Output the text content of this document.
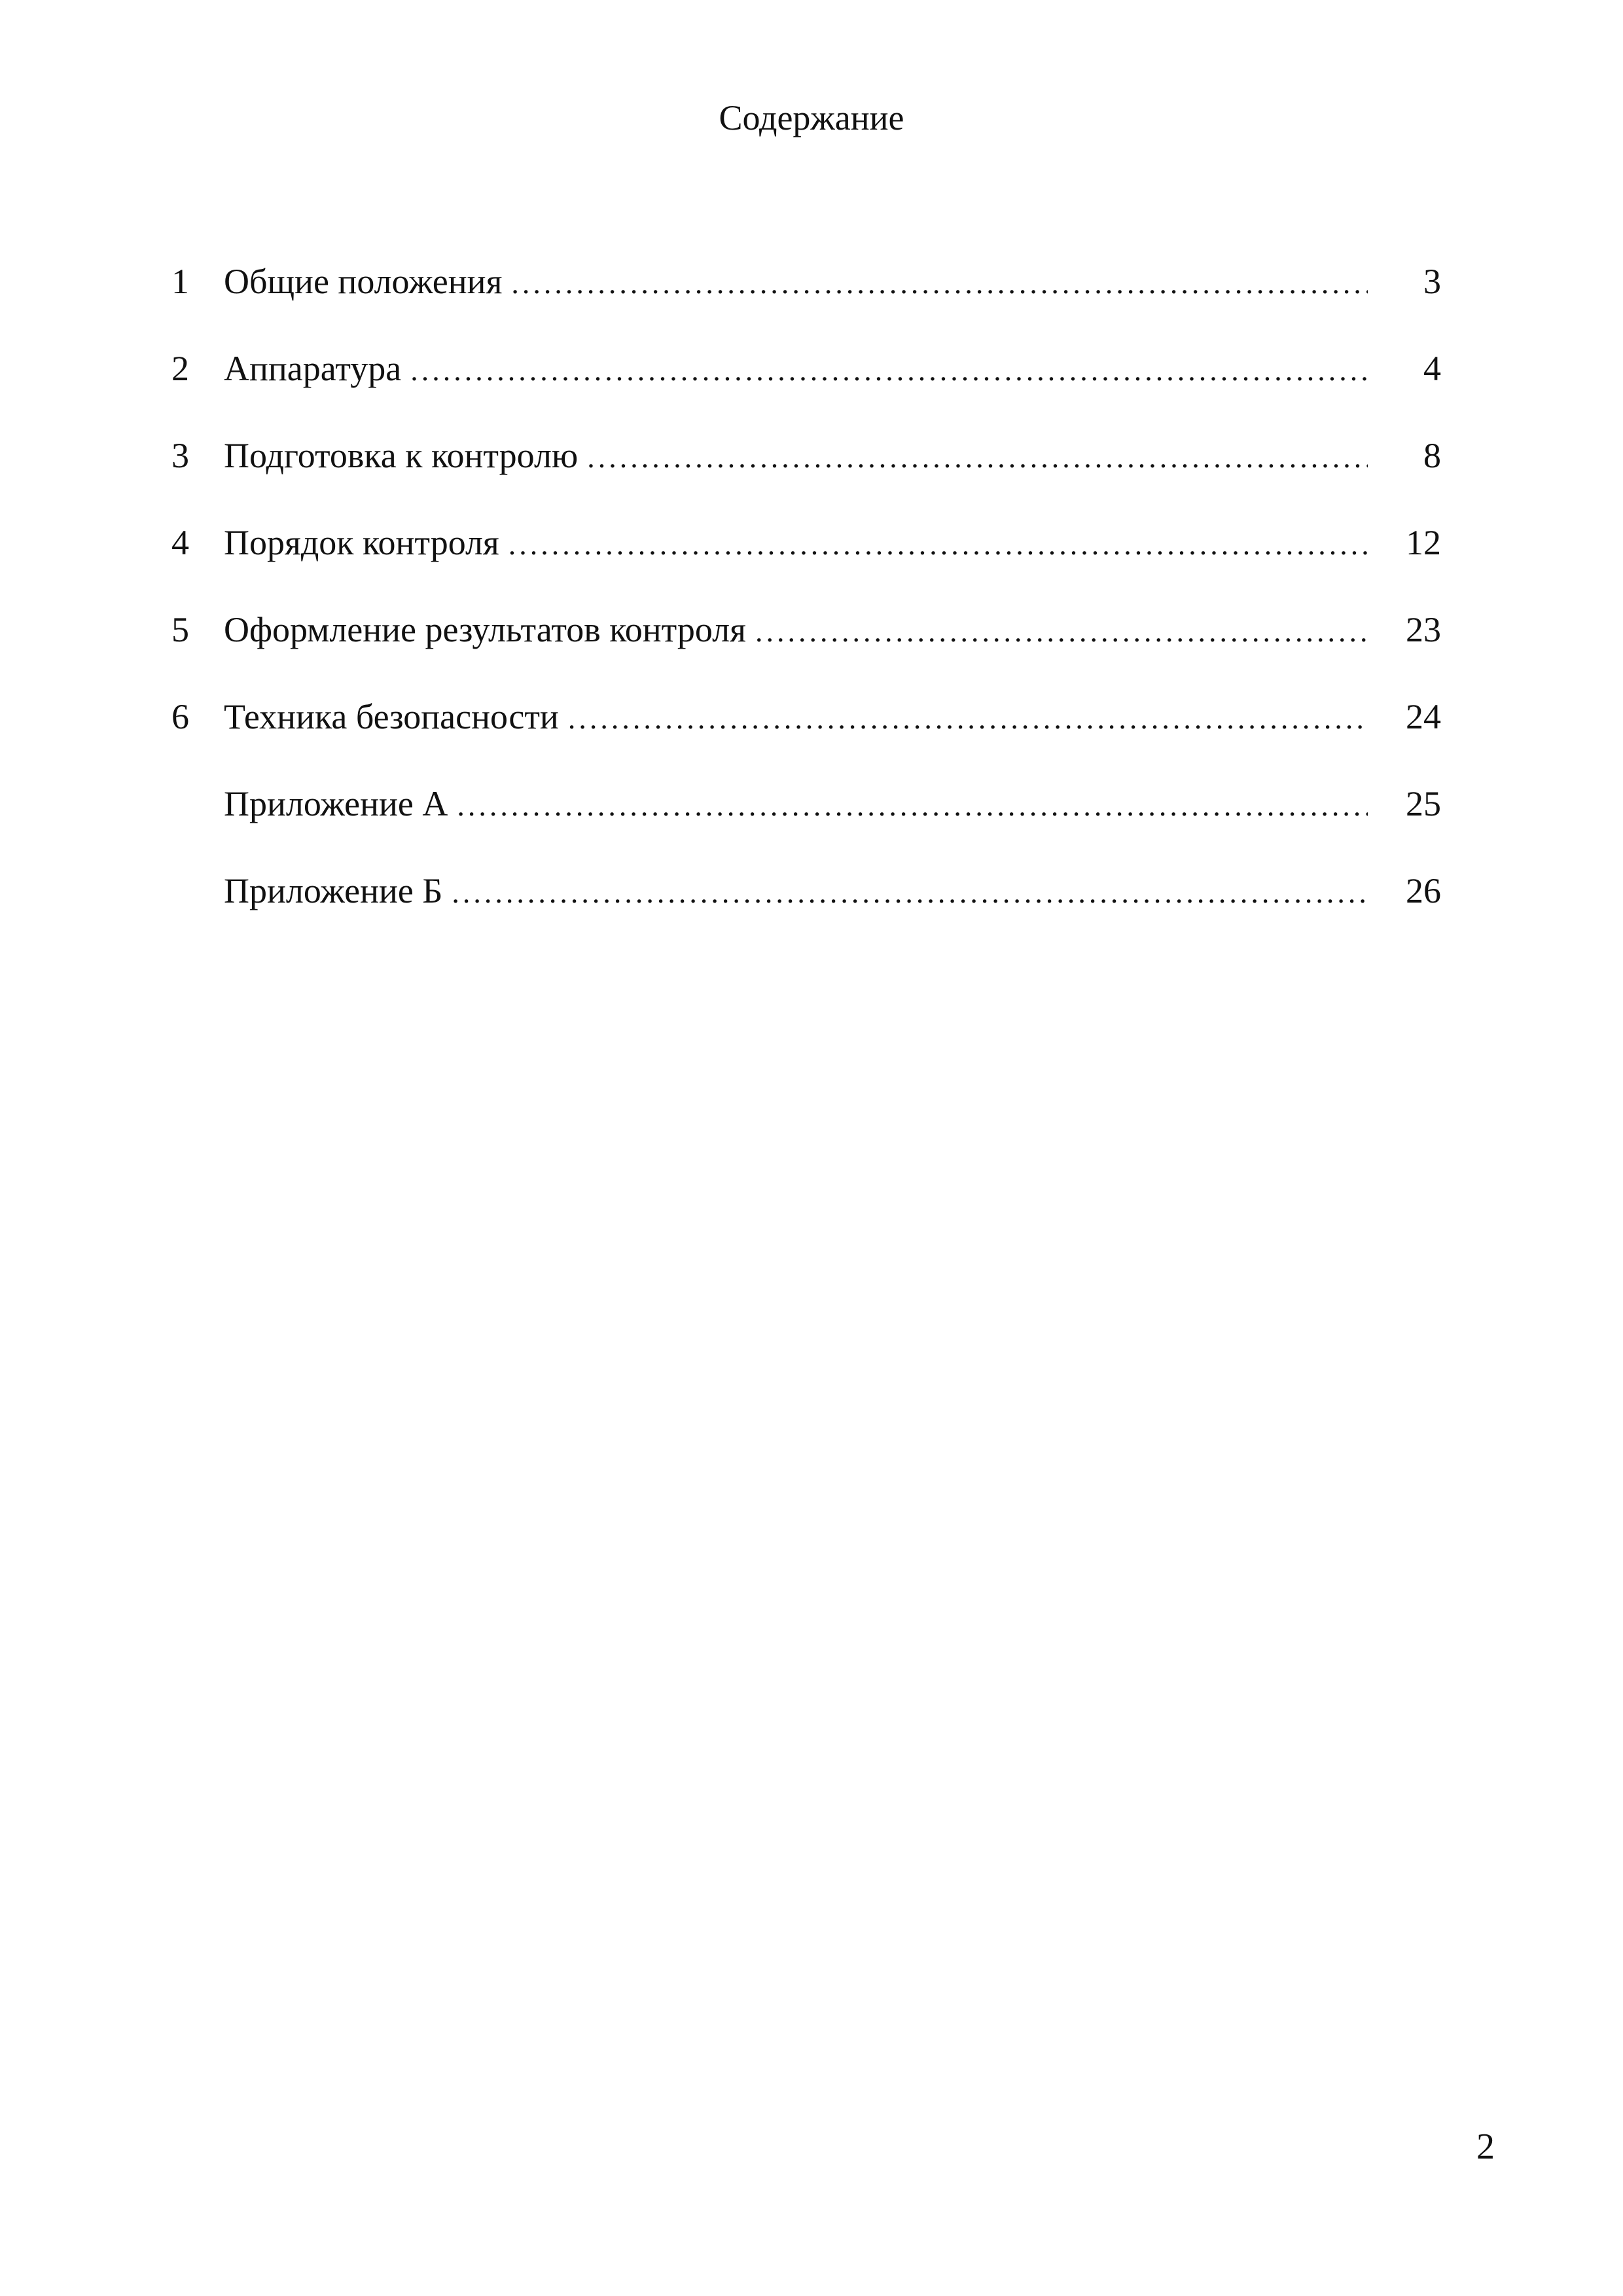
Содержание
1 Общие положения .....	3
2 Аппаратура .....	4
3 Подготовка к контролю .....	8
4 Порядок контроля .....	12
5 Оформление результатов контроля .....	23
6 Техника безопасности .....	24
Приложение А .....	25
Приложение Б .....	26
2
